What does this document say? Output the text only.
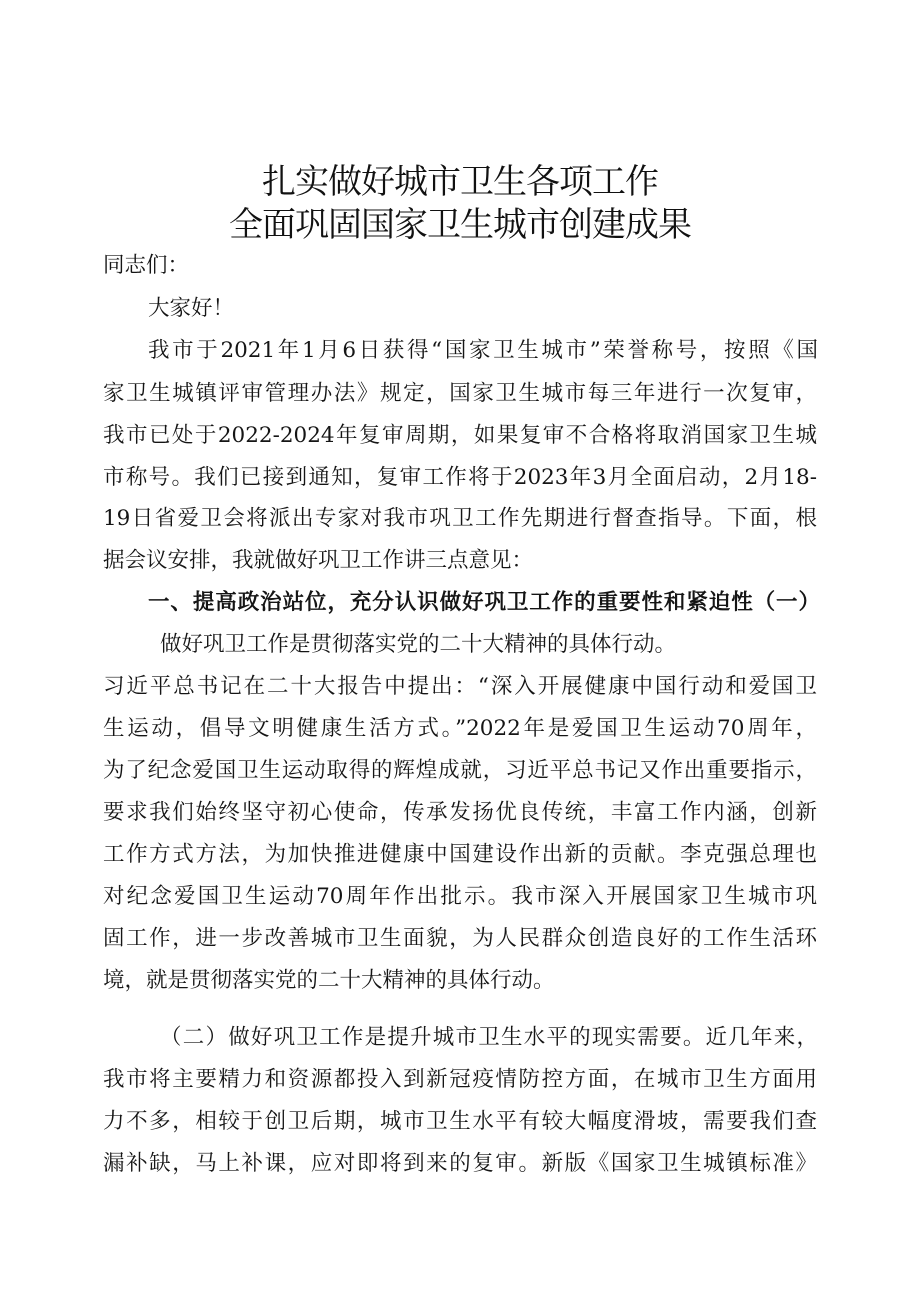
扎实做好城市卫生各项工作
全面巩固国家卫生城市创建成果
同志们：
大家好！
我市于2021年1月6日获得“国家卫生城市”荣誉称号，按照《国
家卫生城镇评审管理办法》规定，国家卫生城市每三年进行一次复审，
我市已处于2022-2024年复审周期，如果复审不合格将取消国家卫生城
市称号。我们已接到通知，复审工作将于2023年3月全面启动，2月18-
19日省爱卫会将派出专家对我市巩卫工作先期进行督查指导。下面，根
据会议安排，我就做好巩卫工作讲三点意见：
一、提高政治站位，充分认识做好巩卫工作的重要性和紧迫性（一）
做好巩卫工作是贯彻落实党的二十大精神的具体行动。
习近平总书记在二十大报告中提出：“深入开展健康中国行动和爱国卫
生运动，倡导文明健康生活方式。”2022年是爱国卫生运动70周年，
为了纪念爱国卫生运动取得的辉煌成就，习近平总书记又作出重要指示，
要求我们始终坚守初心使命，传承发扬优良传统，丰富工作内涵，创新
工作方式方法，为加快推进健康中国建设作出新的贡献。李克强总理也
对纪念爱国卫生运动70周年作出批示。我市深入开展国家卫生城市巩
固工作，进一步改善城市卫生面貌，为人民群众创造良好的工作生活环
境，就是贯彻落实党的二十大精神的具体行动。
（二）做好巩卫工作是提升城市卫生水平的现实需要。近几年来，
我市将主要精力和资源都投入到新冠疫情防控方面，在城市卫生方面用
力不多，相较于创卫后期，城市卫生水平有较大幅度滑坡，需要我们查
漏补缺，马上补课，应对即将到来的复审。新版《国家卫生城镇标准》
